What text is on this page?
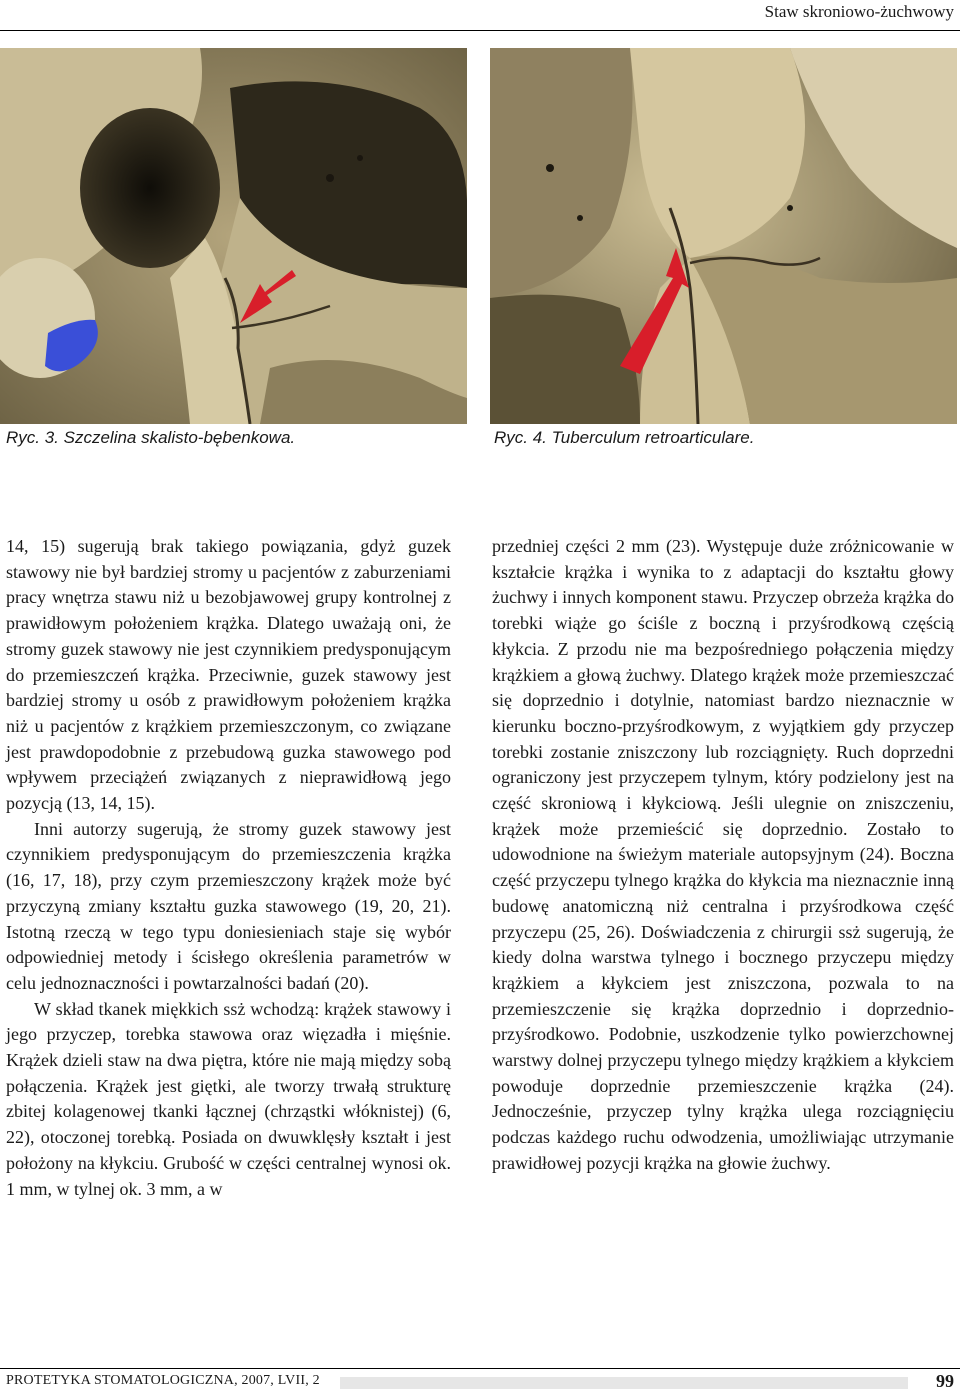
Staw skroniowo-żuchwowy
Ryc. 3. Szczelina skalisto-bębenkowa.	Ryc. 4. Tuberculum retroarticulare.

14, 15) sugerują brak takiego powiązania, gdyż guzek stawowy nie był bardziej stromy u pacjentów z zaburzeniami pracy wnętrza stawu niż u bezobjawowej grupy kontrolnej z prawidłowym położeniem krążka. Dlatego uważają oni, że stromy guzek stawowy nie jest czynnikiem predysponującym do przemieszczeń krążka. Przeciwnie, guzek stawowy jest bardziej stromy u osób z prawidłowym położeniem krążka niż u pacjentów z krążkiem przemieszczonym, co związane jest prawdopodobnie z przebudową guzka stawowego pod wpływem przeciążeń związanych z nieprawidłową jego pozycją (13, 14, 15).

Inni autorzy sugerują, że stromy guzek stawowy jest czynnikiem predysponującym do przemieszczenia krążka (16, 17, 18), przy czym przemieszczony krążek może być przyczyną zmiany kształtu guzka stawowego (19, 20, 21). Istotną rzeczą w tego typu doniesieniach staje się wybór odpowiedniej metody i ścisłego określenia parametrów w celu jednoznaczności i powtarzalności badań (20).

W skład tkanek miękkich ssż wchodzą: krążek stawowy i jego przyczep, torebka stawowa oraz więzadła i mięśnie. Krążek dzieli staw na dwa piętra, które nie mają między sobą połączenia. Krążek jest giętki, ale tworzy trwałą strukturę zbitej kolagenowej tkanki łącznej (chrząstki włóknistej) (6, 22), otoczonej torebką. Posiada on dwuwklęsły kształt i jest położony na kłykciu. Grubość w części centralnej wynosi ok. 1 mm, w tylnej ok. 3 mm, a w

przedniej części 2 mm (23). Występuje duże zróżnicowanie w kształcie krążka i wynika to z adaptacji do kształtu głowy żuchwy i innych komponent stawu. Przyczep obrzeża krążka do torebki wiąże go ściśle z boczną i przyśrodkową częścią kłykcia. Z przodu nie ma bezpośredniego połączenia między krążkiem a głową żuchwy. Dlatego krążek może przemieszczać się doprzednio i dotylnie, natomiast bardzo nieznacznie w kierunku boczno-przyśrodkowym, z wyjątkiem gdy przyczep torebki zostanie zniszczony lub rozciągnięty. Ruch doprzedni ograniczony jest przyczepem tylnym, który podzielony jest na część skroniową i kłykciową. Jeśli ulegnie on zniszczeniu, krążek może przemieścić się doprzednio. Zostało to udowodnione na świeżym materiale autopsyjnym (24). Boczna część przyczepu tylnego krążka do kłykcia ma nieznacznie inną budowę anatomiczną niż centralna i przyśrodkowa część przyczepu (25, 26). Doświadczenia z chirurgii ssż sugerują, że kiedy dolna warstwa tylnego i bocznego przyczepu między krążkiem a kłykciem jest zniszczona, pozwala to na przemieszczenie się krążka doprzednio i doprzednio-przyśrodkowo. Podobnie, uszkodzenie tylko powierzchownej warstwy dolnej przyczepu tylnego między krążkiem a kłykciem powoduje doprzednie przemieszczenie krążka (24). Jednocześnie, przyczep tylny krążka ulega rozciągnięciu podczas każdego ruchu odwodzenia, umożliwiając utrzymanie prawidłowej pozycji krążka na głowie żuchwy.

PROTETYKA STOMATOLOGICZNA, 2007, LVII, 2	99
